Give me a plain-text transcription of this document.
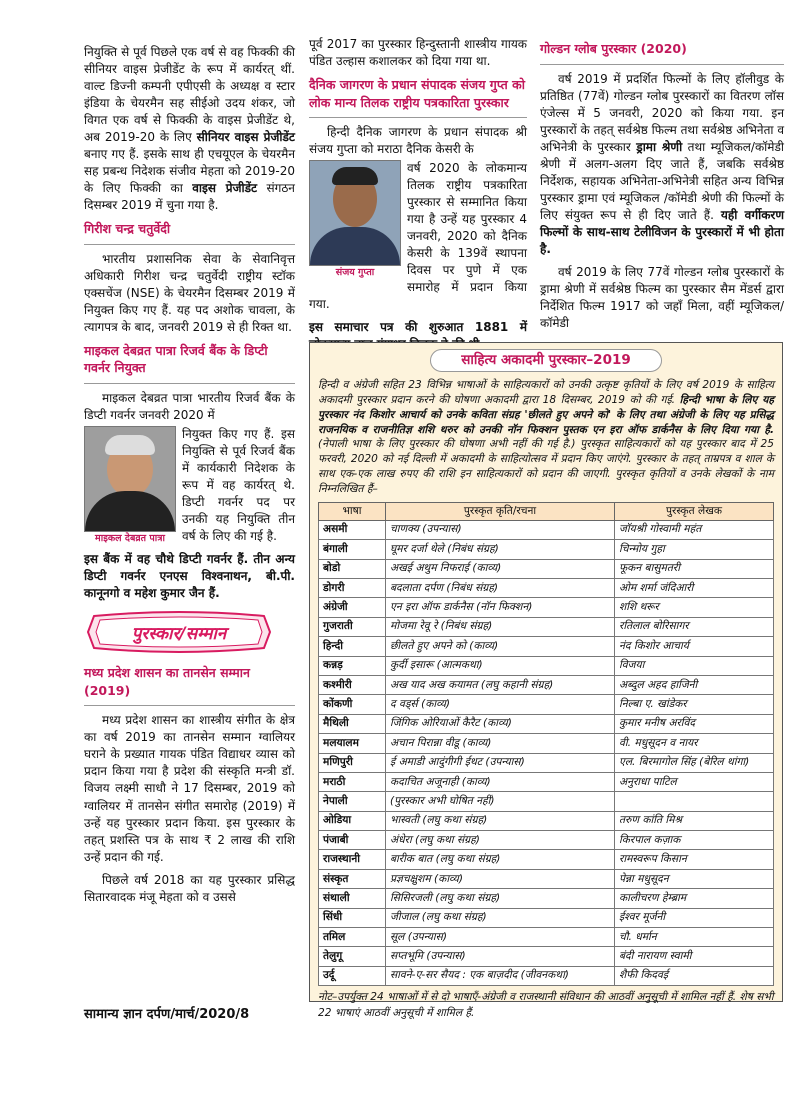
नियुक्ति से पूर्व पिछले एक वर्ष से वह फिक्की की सीनियर वाइस प्रेजीडेंट के रूप में कार्यरत् थीं. वाल्ट डिज्नी कम्पनी एपीएसी के अध्यक्ष व स्टार इंडिया के चेयरमैन सह सीईओ उदय शंकर, जो विगत एक वर्ष से फिक्की के वाइस प्रेजीडेंट थे, अब 2019-20 के लिए सीनियर वाइस प्रेजीडेंट बनाए गए हैं. इसके साथ ही एचयूएल के चेयरमैन सह प्रबन्ध निदेशक संजीव मेहता को 2019-20 के लिए फिक्की का वाइस प्रेजीडेंट संगठन दिसम्बर 2019 में चुना गया है.

गिरीश चन्द्र चतुर्वेदी

भारतीय प्रशासनिक सेवा के सेवानिवृत्त अधिकारी गिरीश चन्द्र चतुर्वेदी राष्ट्रीय स्टॉक एक्सचेंज (NSE) के चेयरमैन दिसम्बर 2019 में नियुक्त किए गए हैं. यह पद अशोक चावला, के त्यागपत्र के बाद, जनवरी 2019 से ही रिक्त था.

माइकल देबव्रत पात्रा रिजर्व बैंक के डिप्टी गवर्नर नियुक्त

माइकल देबव्रत पात्रा भारतीय रिजर्व बैंक के डिप्टी गवर्नर जनवरी 2020 में

माइकल देबव्रत पात्रा

नियुक्त किए गए हैं. इस नियुक्ति से पूर्व रिजर्व बैंक में कार्यकारी निदेशक के रूप में वह कार्यरत् थे. डिप्टी गवर्नर पद पर उनकी यह नियुक्ति तीन वर्ष के लिए की गई है.

इस बैंक में वह चौथे डिप्टी गवर्नर हैं. तीन अन्य डिप्टी गवर्नर एनएस विश्वनाथन, बी.पी. कानूनगो व महेश कुमार जैन हैं.

पुरस्कार/सम्मान
मध्य प्रदेश शासन का तानसेन सम्मान (2019)

मध्य प्रदेश शासन का शास्त्रीय संगीत के क्षेत्र का वर्ष 2019 का तानसेन सम्मान ग्वालियर घराने के प्रख्यात गायक पंडित विद्याधर व्यास को प्रदान किया गया है प्रदेश की संस्कृति मन्त्री डॉ. विजय लक्ष्मी साधौ ने 17 दिसम्बर, 2019 को ग्वालियर में तानसेन संगीत समारोह (2019) में उन्हें यह पुरस्कार प्रदान किया. इस पुरस्कार के तहत् प्रशस्ति पत्र के साथ ₹ 2 लाख की राशि उन्हें प्रदान की गई.

पिछले वर्ष 2018 का यह पुरस्कार प्रसिद्ध सितारवादक मंजू मेहता को व उससे

पूर्व 2017 का पुरस्कार हिन्दुस्तानी शास्त्रीय गायक पंडित उल्हास कशालकर को दिया गया था.

दैनिक जागरण के प्रधान संपादक संजय गुप्त को लोक मान्य तिलक राष्ट्रीय पत्रकारिता पुरस्कार

हिन्दी दैनिक जागरण के प्रधान संपादक श्री संजय गुप्ता को मराठा दैनिक केसरी के

संजय गुप्ता

वर्ष 2020 के लोकमान्य तिलक राष्ट्रीय पत्रकारिता पुरस्कार से सम्मानित किया गया है उन्हें यह पुरस्कार 4 जनवरी, 2020 को दैनिक केसरी के 139वें स्थापना दिवस पर पुणे में एक समारोह में प्रदान किया गया.

इस समाचार पत्र की शुरुआत 1881 में

गोल्डन ग्लोब पुरस्कार (2020)

वर्ष 2019 में प्रदर्शित फिल्मों के लिए हॉलीवुड के प्रतिष्ठित (77वें) गोल्डन ग्लोब पुरस्कारों का वितरण लॉस एंजेल्स में 5 जनवरी, 2020 को किया गया. इन पुरस्कारों के तहत् सर्वश्रेष्ठ फिल्म तथा सर्वश्रेष्ठ अभिनेता व अभिनेत्री के पुरस्कार ड्रामा श्रेणी तथा म्यूजिकल/कॉमेडी श्रेणी में अलग-अलग दिए जाते हैं, जबकि सर्वश्रेष्ठ निर्देशक, सहायक अभिनेता-अभिनेत्री सहित अन्य विभिन्न पुरस्कार ड्रामा एवं म्यूजिकल /कॉमेडी श्रेणी की फिल्मों के लिए संयुक्त रूप से ही दिए जाते हैं. यही वर्गीकरण फिल्मों के साथ-साथ टेलीविजन के पुरस्कारों में भी होता है.

वर्ष 2019 के लिए 77वें गोल्डन ग्लोब पुरस्कारों के ड्रामा श्रेणी में सर्वश्रेष्ठ फिल्म का पुरस्कार सैम मेंडर्स द्वारा निर्देशित फिल्म 1917 को जहाँ मिला, वहीं म्यूजिकल/कॉमेडी

साहित्य अकादमी पुरस्कार–2019
हिन्दी व अंग्रेजी सहित 23 विभिन्न भाषाओं के साहित्यकारों को उनकी उत्कृष्ट कृतियों के लिए वर्ष 2019 के साहित्य अकादमी पुरस्कार प्रदान करने की घोषणा अकादमी द्वारा 18 दिसम्बर, 2019 को की गई. हिन्दी भाषा के लिए यह पुरस्कार नंद किशोर आचार्य को उनके कविता संग्रह 'छीलते हुए अपने को' के लिए तथा अंग्रेजी के लिए यह प्रसिद्ध राजनयिक व राजनीतिज्ञ शशि थरुर को उनकी नॉन फिक्शन पुस्तक एन इरा ऑफ डार्कनैस के लिए दिया गया है. (नेपाली भाषा के लिए पुरस्कार की घोषणा अभी नहीं की गई है.) पुरस्कृत साहित्यकारों को यह पुरस्कार बाद में 25 फरवरी, 2020 को नई दिल्ली में अकादमी के साहित्योत्सव में प्रदान किए जाएंगे. पुरस्कार के तहत् ताम्रपत्र व शाल के साथ एक-एक लाख रुपए की राशि इन साहित्यकारों को प्रदान की जाएगी. पुरस्कृत कृतियों व उनके लेखकों के नाम निम्नलिखित हैं–
भाषा	पुरस्कृत कृति/रचना	पुरस्कृत लेखक
असमी	चाणक्य (उपन्यास)	जॉयश्री गोस्वामी महंत
बंगाली	घूमर दर्जा थेले (निबंध संग्रह)	चिन्मोय गुहा
बोडो	अखई अथुम निफराई (काव्य)	फूकन बासुमतरी
डोगरी	बदलाता दर्पण (निबंध संग्रह)	ओम शर्मा जंदिआरी
अंग्रेजी	एन इरा ऑफ डार्कनैस (नॉन फिक्शन)	शशि थरूर
गुजराती	मोजमा रेवू रे (निबंध संग्रह)	रतिलाल बोरिसागर
हिन्दी	छीलते हुए अपने को (काव्य)	नंद किशोर आचार्य
कन्नड़	कुर्दी इसारू (आत्मकथा)	विजया
कश्मीरी	अख याद अख कयामत (लघु कहानी संग्रह)	अब्दुल अहद हाजिनी
कोंकणी	द वड्‌र्स (काव्य)	निल्बा ए. खांडेकर
मैथिली	जिंगिक ओरियाओं कैरैट (काव्य)	कुमार मनीष अरविंद
मलयालम	अचान पिरान्ना वीडू (काव्य)	वी. मधुसूदन व नायर
मणिपुरी	ई अमाडी आदुंगीगी ईथट (उपन्यास)	एल. बिरमागोल सिंह (बेरिल थांगा)
मराठी	कदाचित अजूनाही (काव्य)	अनुराधा पाटिल
नेपाली	(पुरस्कार अभी घोषित नहीं)	
ओडिया	भास्वती (लघु कथा संग्रह)	तरुण कांति मिश्र
पंजाबी	अंधेरा (लघु कथा संग्रह)	किरपाल कज़ाक
राजस्थानी	बारीक बात (लघु कथा संग्रह)	रामस्वरूप किसान
संस्कृत	प्रज्ञचक्षुशम (काव्य)	पेन्ना मधुसूदन
संथाली	सिसिरजली (लघु कथा संग्रह)	कालीचरण हेम्ब्राम
सिंधी	जीजाल (लघु कथा संग्रह)	ईश्वर मूर्जनी
तमिल	सूल (उपन्यास)	चौ. धर्मान
तेलुगू	सप्तभूमि (उपन्यास)	बंदी नारायण स्वामी
उर्दू	सावने-ए-सर सैयद : एक बाज़दीद (जीवनकथा)	शैफी किदवई
नोट–उपर्युक्त 24 भाषाओं में से दो भाषाएँ-अंग्रेजी व राजस्थानी संविधान की आठवीं अनुसूची में शामिल नहीं हैं. शेष सभी 22 भाषाएं आठवीं अनुसूची में शामिल हैं.
सामान्य ज्ञान दर्पण/मार्च/2020/8
